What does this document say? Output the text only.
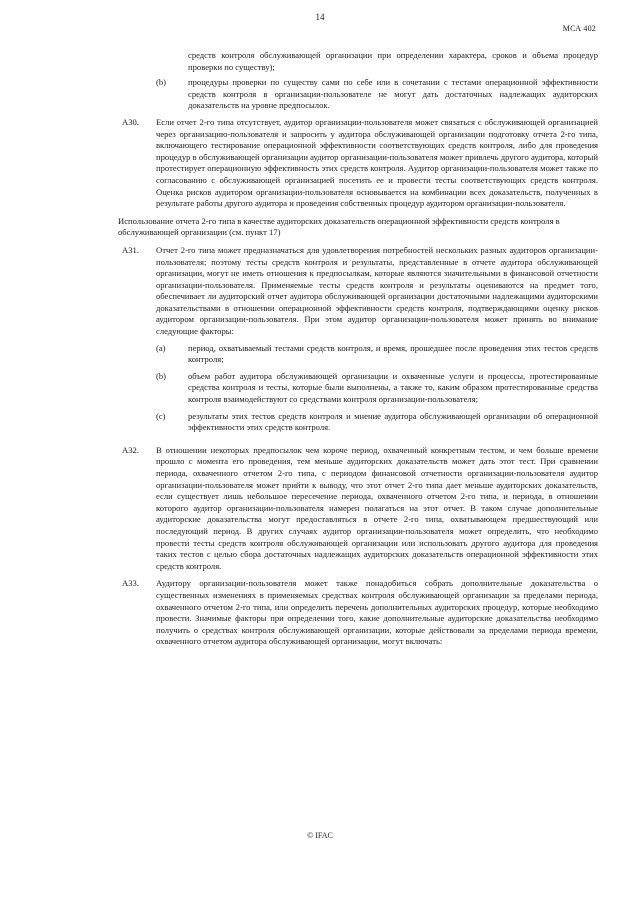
14
МСА 402
средств контроля обслуживающей организации при определении характера, сроков и объема процедур проверки по существу);
(b)	процедуры проверки по существу сами по себе или в сочетании с тестами операционной эффективности средств контроля в организации-пользователе не могут дать достаточных надлежащих аудиторских доказательств на уровне предпосылок.
A30.	Если отчет 2-го типа отсутствует, аудитор организации-пользователя может связаться с обслуживающей организацией через организацию-пользователя и запросить у аудитора обслуживающей организации подготовку отчета 2-го типа, включающего тестирование операционной эффективности соответствующих средств контроля, либо для проведения процедур в обслуживающей организации аудитор организации-пользователя может привлечь другого аудитора, который протестирует операционную эффективность этих средств контроля. Аудитор организации-пользователя может также по согласованию с обслуживающей организацией посетить ее и провести тесты соответствующих средств контроля. Оценка рисков аудитором организации-пользователя основывается на комбинации всех доказательств, полученных в результате работы другого аудитора и проведения собственных процедур аудитором организации-пользователя.
Использование отчета 2-го типа в качестве аудиторских доказательств операционной эффективности средств контроля в обслуживающей организации (см. пункт 17)
A31.	Отчет 2-го типа может предназначаться для удовлетворения потребностей нескольких разных аудиторов организации-пользователя; поэтому тесты средств контроля и результаты, представленные в отчете аудитора обслуживающей организации, могут не иметь отношения к предпосылкам, которые являются значительными в финансовой отчетности организации-пользователя. Применяемые тесты средств контроля и результаты оцениваются на предмет того, обеспечивает ли аудиторский отчет аудитора обслуживающей организации достаточными надлежащими аудиторскими доказательствами в отношении операционной эффективности средств контроля, подтверждающими оценку рисков аудитором организации-пользователя. При этом аудитор организации-пользователя может принять во внимание следующие факторы:
(a)	период, охватываемый тестами средств контроля, и время, прошедшее после проведения этих тестов средств контроля;
(b)	объем работ аудитора обслуживающей организации и охваченные услуги и процессы, протестированные средства контроля и тесты, которые были выполнены, а также то, каким образом протестированные средства контроля взаимодействуют со средствами контроля организации-пользователя;
(c)	результаты этих тестов средств контроля и мнение аудитора обслуживающей организации об операционной эффективности этих средств контроля.
A32.	В отношении некоторых предпосылок чем короче период, охваченный конкретным тестом, и чем больше времени прошло с момента его проведения, тем меньше аудиторских доказательств может дать этот тест. При сравнении периода, охваченного отчетом 2-го типа, с периодом финансовой отчетности организации-пользователя аудитор организации-пользователя может прийти к выводу, что этот отчет 2-го типа дает меньше аудиторских доказательств, если существует лишь небольшое пересечение периода, охваченного отчетом 2-го типа, и периода, в отношении которого аудитор организации-пользователя намерен полагаться на этот отчет. В таком случае дополнительные аудиторские доказательства могут предоставляться в отчете 2-го типа, охватывающем предшествующий или последующий период. В других случаях аудитор организации-пользователя может определить, что необходимо провести тесты средств контроля обслуживающей организации или использовать другого аудитора для проведения таких тестов с целью сбора достаточных надлежащих аудиторских доказательств операционной эффективности этих средств контроля.
A33.	Аудитору организации-пользователя может также понадобиться собрать дополнительные доказательства о существенных изменениях в применяемых средствах контроля обслуживающей организации за пределами периода, охваченного отчетом 2-го типа, или определить перечень дополнительных аудиторских процедур, которые необходимо провести. Значимые факторы при определении того, какие дополнительные аудиторские доказательства необходимо получить о средствах контроля обслуживающей организации, которые действовали за пределами периода времени, охваченного отчетом аудитора обслуживающей организации, могут включать:
© IFAC
